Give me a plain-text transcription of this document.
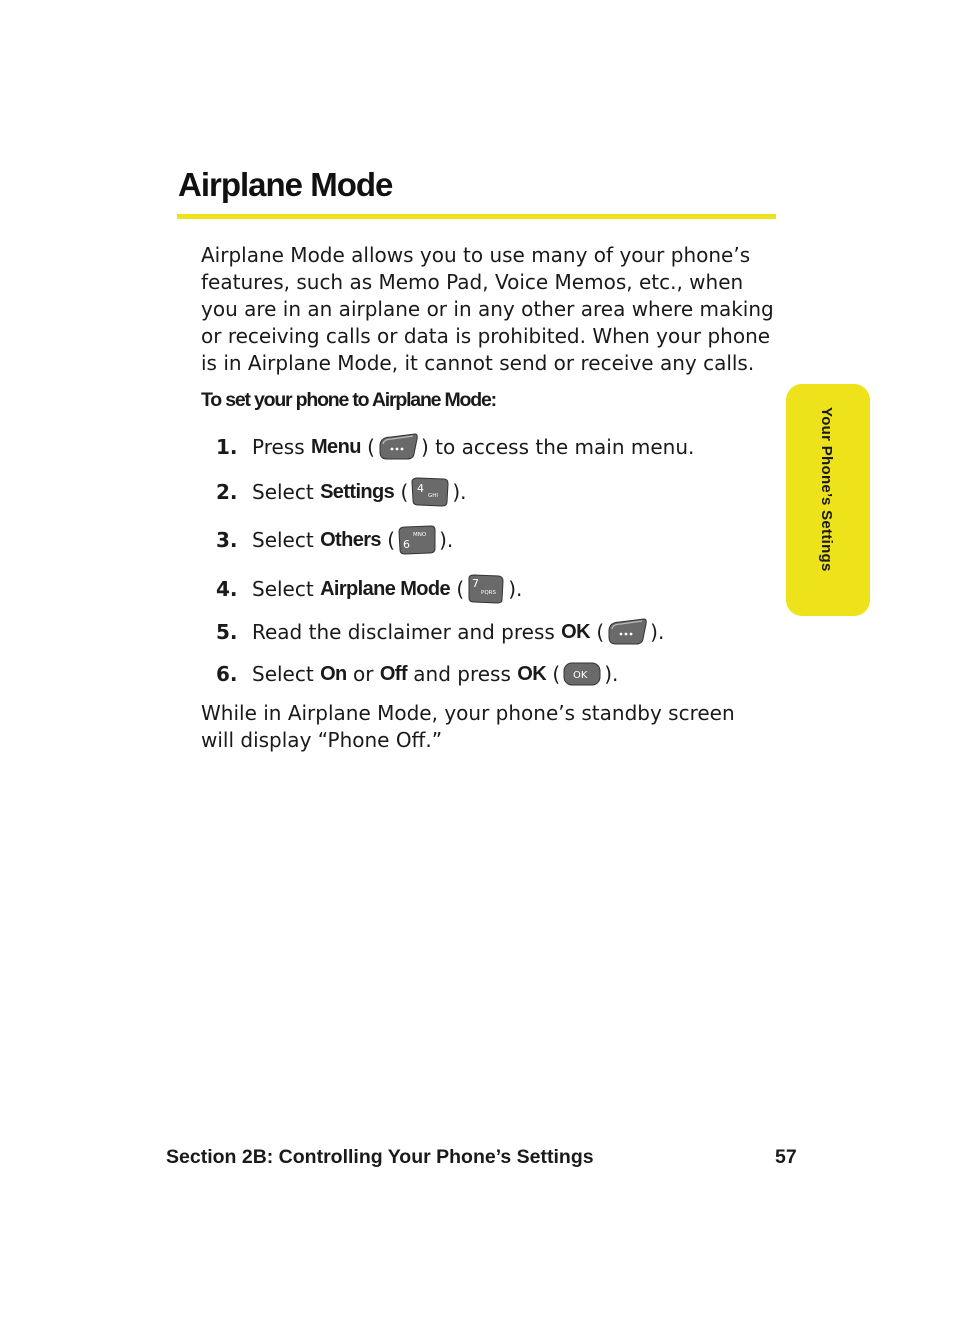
Airplane Mode

Airplane Mode allows you to use many of your phone’s features, such as Memo Pad, Voice Memos, etc., when you are in an airplane or in any other area where making or receiving calls or data is prohibited. When your phone is in Airplane Mode, it cannot send or receive any calls.

To set your phone to Airplane Mode:
1. Press Menu ( ) to access the main menu.
2. Select Settings ( 4
GHI ).
3. Select Others (	MNO
6 ).
4. Select Airplane Mode ( 7
PQRS ).
5. Read the disclaimer and press OK ( ).
6. Select On or Off and press OK ( OK ).

While in Airplane Mode, your phone’s standby screen will display “Phone Off.”

Your Phone’s Settings
Section 2B: Controlling Your Phone’s Settings	57
